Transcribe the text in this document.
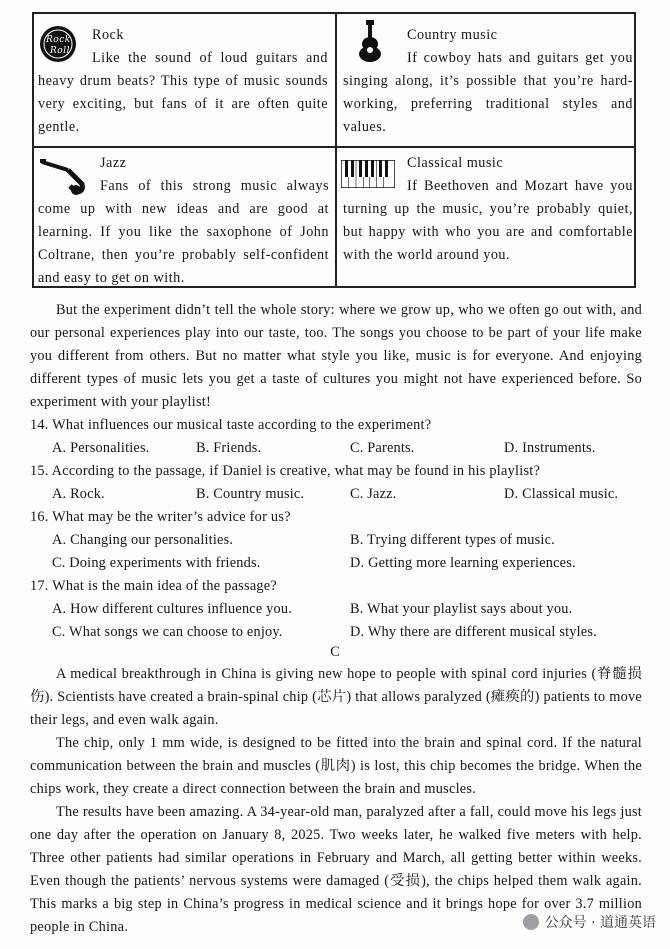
Rock
Roll
Rock
Like the sound of loud guitars and heavy drum beats? This type of music sounds very exciting, but fans of it are often quite gentle.
Country music
If cowboy hats and guitars get you singing along, it’s possible that you’re hard-working, preferring traditional styles and values.
Jazz
Fans of this strong music always come up with new ideas and are good at learning. If you like the saxophone of John Coltrane, then you’re probably self-confident and easy to get on with.
Classical music
If Beethoven and Mozart have you turning up the music, you’re probably quiet, but happy with who you are and comfortable with the world around you.
But the experiment didn’t tell the whole story: where we grow up, who we often go out with, and our personal experiences play into our taste, too. The songs you choose to be part of your life make you different from others. But no matter what style you like, music is for everyone. And enjoying different types of music lets you get a taste of cultures you might not have experienced before. So experiment with your playlist!
14. What influences our musical taste according to the experiment?
A. Personalities.	B. Friends.	C. Parents.	D. Instruments.
15. According to the passage, if Daniel is creative, what may be found in his playlist?
A. Rock.	B. Country music.	C. Jazz.	D. Classical music.
16. What may be the writer’s advice for us?
A. Changing our personalities.	B. Trying different types of music.
C. Doing experiments with friends.	D. Getting more learning experiences.
17. What is the main idea of the passage?
A. How different cultures influence you.	B. What your playlist says about you.
C. What songs we can choose to enjoy.	D. Why there are different musical styles.
C
A medical breakthrough in China is giving new hope to people with spinal cord injuries (脊髓损伤). Scientists have created a brain-spinal chip (芯片) that allows paralyzed (瘫痪的) patients to move their legs, and even walk again.
The chip, only 1 mm wide, is designed to be fitted into the brain and spinal cord. If the natural communication between the brain and muscles (肌肉) is lost, this chip becomes the bridge. When the chips work, they create a direct connection between the brain and muscles.
The results have been amazing. A 34-year-old man, paralyzed after a fall, could move his legs just one day after the operation on January 8, 2025. Two weeks later, he walked five meters with help. Three other patients had similar operations in February and March, all getting better within weeks. Even though the patients’ nervous systems were damaged (受损), the chips helped them walk again. This marks a big step in China’s progress in medical science and it brings hope for over 3.7 million people in China.	公众号 · 道通英语
